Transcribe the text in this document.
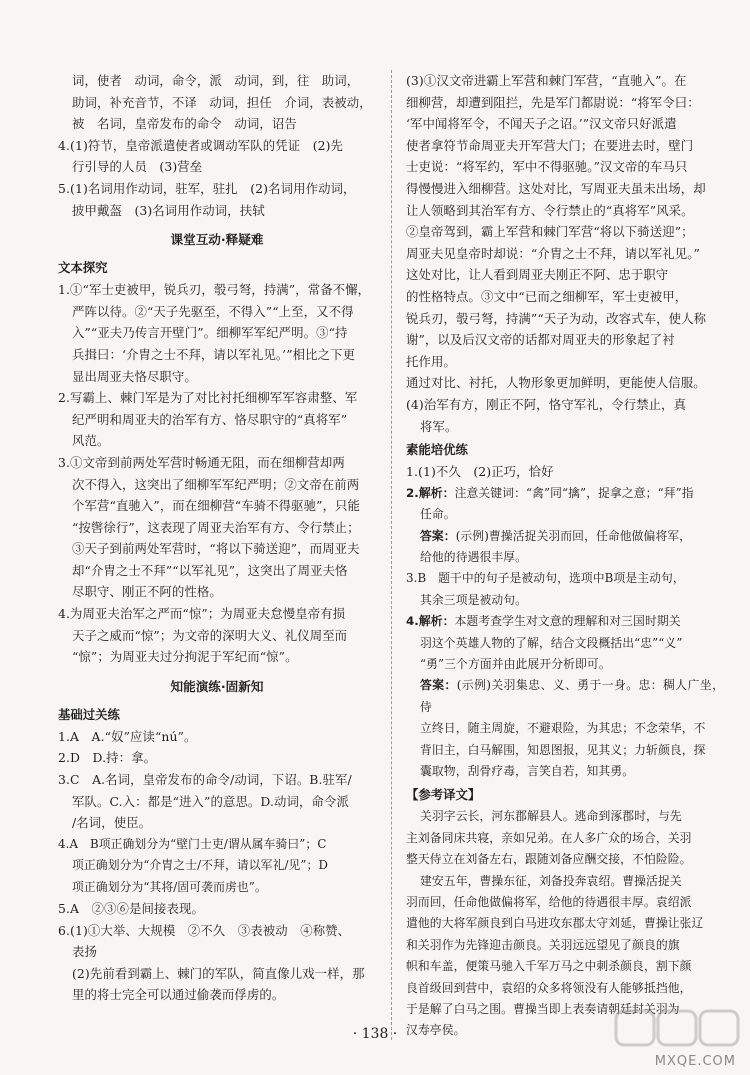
词，使者　动词，命令，派　动词，到，往　助词，

助词，补充音节，不译　动词，担任　介词，表被动，

被　名词，皇帝发布的命令　动词，诏告

4.(1)符节，皇帝派遣使者或调动军队的凭证　(2)先

行引导的人员　(3)营垒

5.(1)名词用作动词，驻军，驻扎　(2)名词用作动词，

披甲戴盔　(3)名词用作动词，扶轼

课堂互动·释疑难
文本探究

1.①“军士吏被甲，锐兵刃，彀弓弩，持满”，常备不懈，

严阵以待。②“天子先驱至，不得入”“上至，又不得

入”“亚夫乃传言开壁门”。细柳军军纪严明。③“持

兵揖曰：‘介胄之士不拜，请以军礼见。’”相比之下更

显出周亚夫恪尽职守。

2.写霸上、棘门军是为了对比衬托细柳军军容肃整、军

纪严明和周亚夫的治军有方、恪尽职守的“真将军”

风范。

3.①文帝到前两处军营时畅通无阻，而在细柳营却两

次不得入，这突出了细柳军军纪严明；②文帝在前两

个军营“直驰入”，而在细柳营“车骑不得驱驰”，只能

“按辔徐行”，这表现了周亚夫治军有方、令行禁止；

③天子到前两处军营时，“将以下骑送迎”，而周亚夫

却“介胄之士不拜”“以军礼见”，这突出了周亚夫恪

尽职守、刚正不阿的性格。

4.为周亚夫治军之严而“惊”；为周亚夫怠慢皇帝有损

天子之威而“惊”；为文帝的深明大义、礼仪周至而

“惊”；为周亚夫过分拘泥于军纪而“惊”。

知能演练·固新知
基础过关练

1.A　A.“奴”应读“nú”。

2.D　D.持：拿。

3.C　A.名词，皇帝发布的命令/动词，下诏。B.驻军/

军队。C.入：都是“进入”的意思。D.动词，命令派

/名词，使臣。

4.A　B项正确划分为“壁门士吏/谓从属车骑曰”；C

项正确划分为“介胄之士/不拜，请以军礼/见”；D

项正确划分为“其将/固可袭而虏也”。

5.A　②③⑥是间接表现。

6.(1)①大举、大规模　②不久　③表被动　④称赞、

表扬

(2)先前看到霸上、棘门的军队，简直像儿戏一样，那

里的将士完全可以通过偷袭而俘虏的。

(3)①汉文帝进霸上军营和棘门军营，“直驰入”。在

细柳营，却遭到阻拦，先是军门都尉说：“将军令曰：

‘军中闻将军令，不闻天子之诏。’”汉文帝只好派遣

使者拿符节命周亚夫开军营大门；在要进去时，壁门

士吏说：“将军约，军中不得驱驰。”汉文帝的车马只

得慢慢进入细柳营。这处对比，写周亚夫虽未出场，却

让人领略到其治军有方、令行禁止的“真将军”风采。

②皇帝驾到，霸上军营和棘门军营“将以下骑送迎”；

周亚夫见皇帝时却说：“介胄之士不拜，请以军礼见。”

这处对比，让人看到周亚夫刚正不阿、忠于职守

的性格特点。③文中“已而之细柳军，军士吏被甲，

锐兵刃，彀弓弩，持满”“天子为动，改容式车，使人称

谢”，以及后汉文帝的话都对周亚夫的形象起了衬

托作用。

通过对比、衬托，人物形象更加鲜明，更能使人信服。

(4)治军有方，刚正不阿，恪守军礼，令行禁止，真

将军。

素能培优练

1.(1)不久　(2)正巧，恰好

2.解析：注意关键词：“禽”同“擒”，捉拿之意；“拜”指

任命。

答案：(示例)曹操活捉关羽而回，任命他做偏将军，

给他的待遇很丰厚。

3.B　题干中的句子是被动句，选项中B项是主动句，

其余三项是被动句。

4.解析：本题考查学生对文意的理解和对三国时期关

羽这个英雄人物的了解，结合文段概括出“忠”“义”

“勇”三个方面并由此展开分析即可。

答案：(示例)关羽集忠、义、勇于一身。忠：稠人广坐，侍

立终日，随主周旋，不避艰险，为其忠；不念荣华，不

背旧主，白马解围，知恩图报，见其义；力斩颜良，探

囊取物，刮骨疗毒，言笑自若，知其勇。

【参考译文】

关羽字云长，河东郡解县人。逃命到涿郡时，与先

主刘备同床共寝，亲如兄弟。在人多广众的场合，关羽

整天侍立在刘备左右，跟随刘备应酬交接，不怕险险。

建安五年，曹操东征，刘备投奔袁绍。曹操活捉关

羽而回，任命他做偏将军，给他的待遇很丰厚。袁绍派

遣他的大将军颜良到白马进攻东郡太守刘延，曹操让张辽

和关羽作为先锋迎击颜良。关羽远远望见了颜良的旗

帜和车盖，便策马驰入千军万马之中刺杀颜良，割下颜

良首级回到营中，袁绍的众多将领没有人能够抵挡他，

于是解了白马之围。曹操当即上表奏请朝廷封关羽为

汉寿亭侯。

· 138 ·
MXQE.COM
